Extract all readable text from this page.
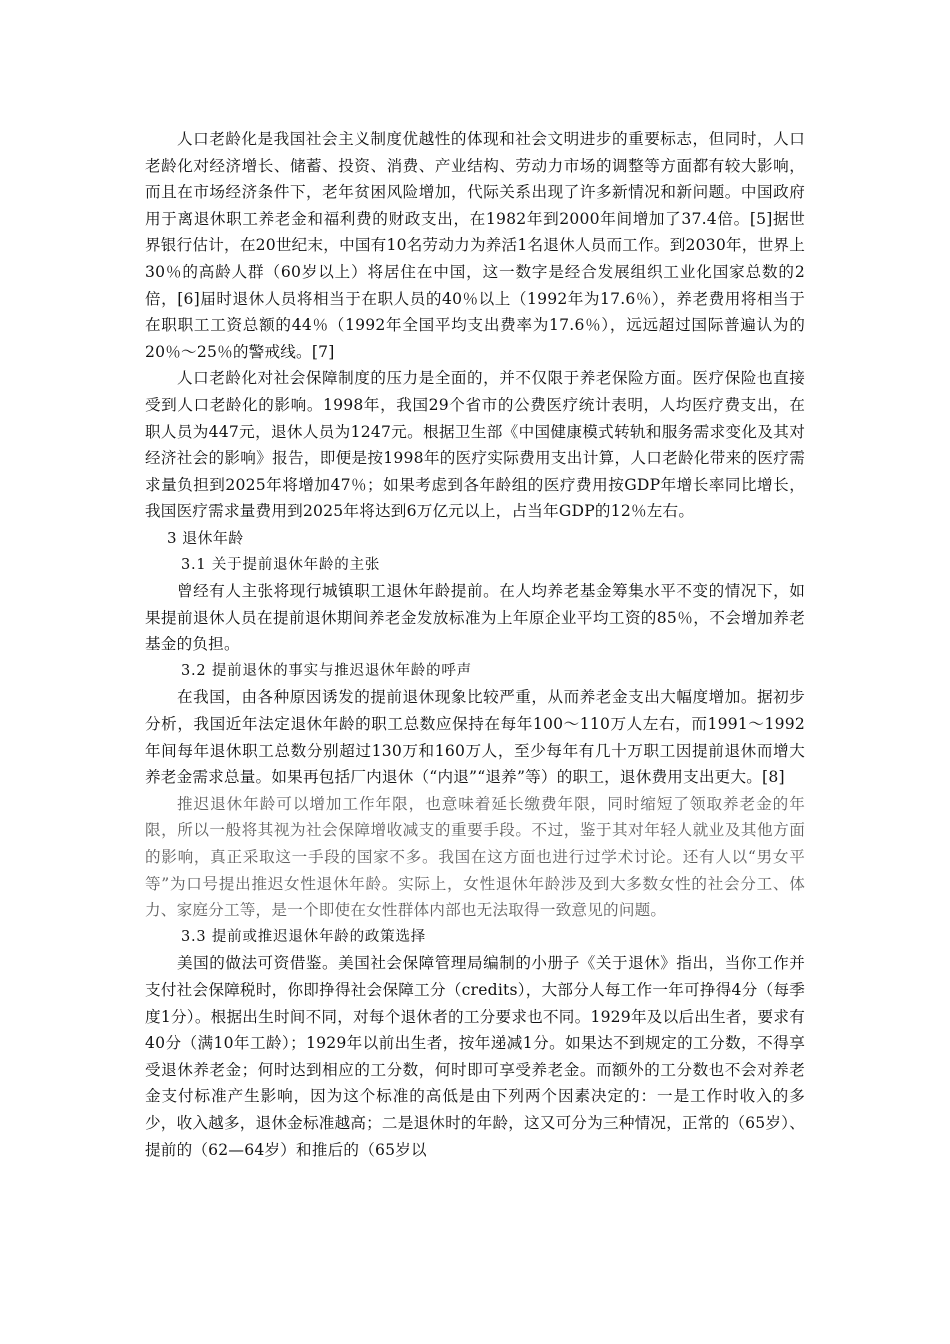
人口老龄化是我国社会主义制度优越性的体现和社会文明进步的重要标志，但同时，人口老龄化对经济增长、储蓄、投资、消费、产业结构、劳动力市场的调整等方面都有较大影响，而且在市场经济条件下，老年贫困风险增加，代际关系出现了许多新情况和新问题。中国政府用于离退休职工养老金和福利费的财政支出，在1982年到2000年间增加了37.4倍。[5]据世界银行估计，在20世纪末，中国有10名劳动力为养活1名退休人员而工作。到2030年，世界上30％的高龄人群（60岁以上）将居住在中国，这一数字是经合发展组织工业化国家总数的2倍，[6]届时退休人员将相当于在职人员的40％以上（1992年为17.6％），养老费用将相当于在职职工工资总额的44％（1992年全国平均支出费率为17.6％），远远超过国际普遍认为的20％～25％的警戒线。[7]

人口老龄化对社会保障制度的压力是全面的，并不仅限于养老保险方面。医疗保险也直接受到人口老龄化的影响。1998年，我国29个省市的公费医疗统计表明，人均医疗费支出，在职人员为447元，退休人员为1247元。根据卫生部《中国健康模式转轨和服务需求变化及其对经济社会的影响》报告，即便是按1998年的医疗实际费用支出计算，人口老龄化带来的医疗需求量负担到2025年将增加47％；如果考虑到各年龄组的医疗费用按GDP年增长率同比增长，我国医疗需求量费用到2025年将达到6万亿元以上，占当年GDP的12％左右。

3 退休年龄

3.1 关于提前退休年龄的主张

曾经有人主张将现行城镇职工退休年龄提前。在人均养老基金筹集水平不变的情况下，如果提前退休人员在提前退休期间养老金发放标准为上年原企业平均工资的85％，不会增加养老基金的负担。

3.2 提前退休的事实与推迟退休年龄的呼声

在我国，由各种原因诱发的提前退休现象比较严重，从而养老金支出大幅度增加。据初步分析，我国近年法定退休年龄的职工总数应保持在每年100～110万人左右，而1991～1992年间每年退休职工总数分别超过130万和160万人，至少每年有几十万职工因提前退休而增大养老金需求总量。如果再包括厂内退休（“内退”“退养”等）的职工，退休费用支出更大。[8]

推迟退休年龄可以增加工作年限，也意味着延长缴费年限，同时缩短了领取养老金的年限，所以一般将其视为社会保障增收减支的重要手段。不过，鉴于其对年轻人就业及其他方面的影响，真正采取这一手段的国家不多。我国在这方面也进行过学术讨论。还有人以“男女平等”为口号提出推迟女性退休年龄。实际上，女性退休年龄涉及到大多数女性的社会分工、体力、家庭分工等，是一个即使在女性群体内部也无法取得一致意见的问题。

3.3 提前或推迟退休年龄的政策选择

美国的做法可资借鉴。美国社会保障管理局编制的小册子《关于退休》指出，当你工作并支付社会保障税时，你即挣得社会保障工分（credits），大部分人每工作一年可挣得4分（每季度1分）。根据出生时间不同，对每个退休者的工分要求也不同。1929年及以后出生者，要求有40分（满10年工龄）；1929年以前出生者，按年递减1分。如果达不到规定的工分数，不得享受退休养老金；何时达到相应的工分数，何时即可享受养老金。而额外的工分数也不会对养老金支付标准产生影响，因为这个标准的高低是由下列两个因素决定的：一是工作时收入的多少，收入越多，退休金标准越高；二是退休时的年龄，这又可分为三种情况，正常的（65岁）、提前的（62—64岁）和推后的（65岁以
